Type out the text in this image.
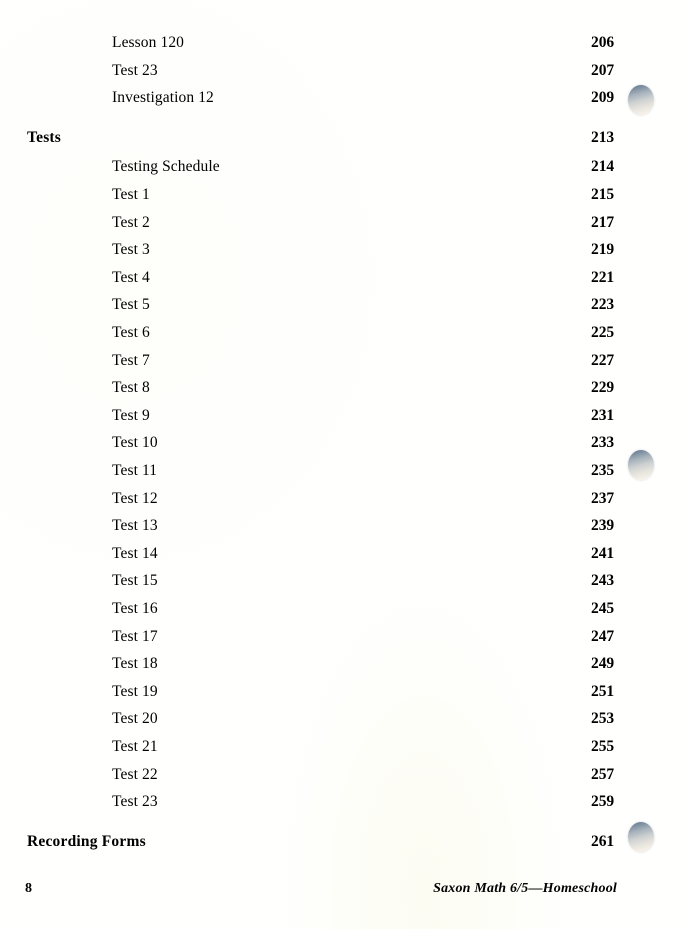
Lesson 120 . . .	206
Test 23 . . .	207
Investigation 12 . . .	209
Tests . . .	213
Testing Schedule . . .	214
Test 1 . . .	215
Test 2 . . .	217
Test 3 . . .	219
Test 4 . . .	221
Test 5 . . .	223
Test 6 . . .	225
Test 7 . . .	227
Test 8 . . .	229
Test 9 . . .	231
Test 10 . . .	233
Test 11 . . .	235
Test 12 . . .	237
Test 13 . . .	239
Test 14 . . .	241
Test 15 . . .	243
Test 16 . . .	245
Test 17 . . .	247
Test 18 . . .	249
Test 19 . . .	251
Test 20 . . .	253
Test 21 . . .	255
Test 22 . . .	257
Test 23 . . .	259
Recording Forms . . .	261
8	Saxon Math 6/5—Homeschool
